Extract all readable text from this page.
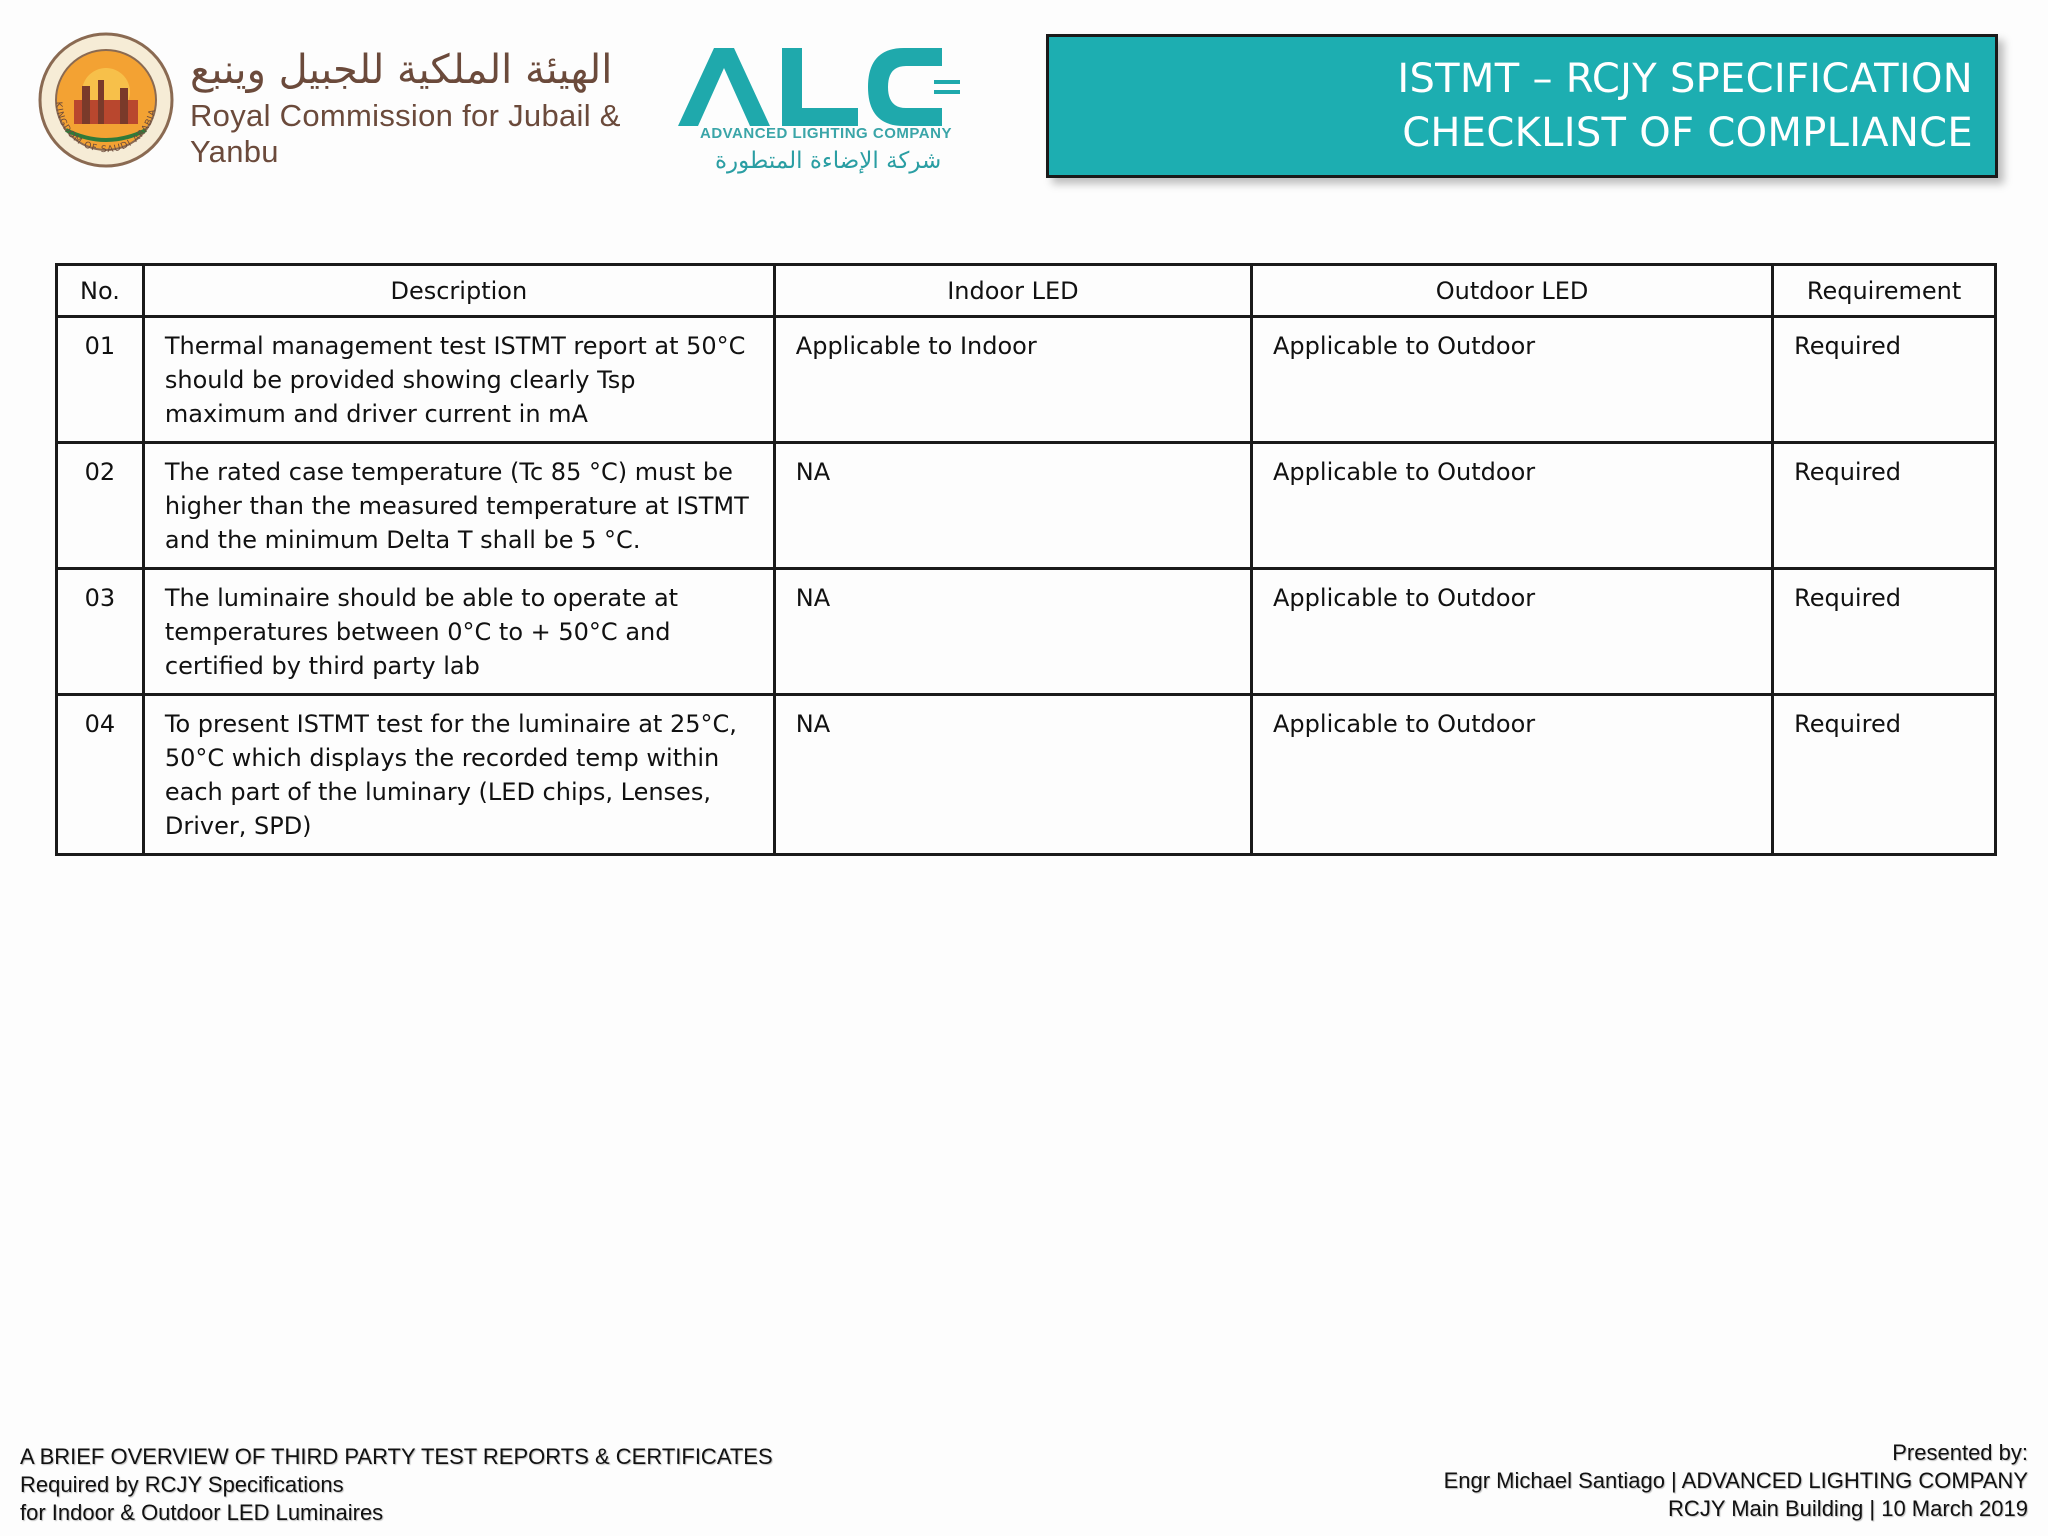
KINGDOM OF SAUDI ARABIA
الهيئة الملكية للجبيل وينبع
Royal Commission for Jubail & Yanbu
ADVANCED LIGHTING COMPANY
شركة الإضاءة المتطورة
ISTMT – RCJY SPECIFICATION
CHECKLIST OF COMPLIANCE
No.	Description	Indoor LED	Outdoor LED	Requirement
01	Thermal management test ISTMT report at 50°C should be provided showing clearly Tsp maximum and driver current in mA	Applicable to Indoor	Applicable to Outdoor	Required
02	The rated case temperature (Tc 85 °C) must be higher than the measured temperature at ISTMT and the minimum Delta T shall be 5 °C.	NA	Applicable to Outdoor	Required
03	The luminaire should be able to operate at temperatures between 0°C to + 50°C and certified by third party lab	NA	Applicable to Outdoor	Required
04	To present ISTMT test for the luminaire at 25°C, 50°C which displays the recorded temp within each part of the luminary (LED chips, Lenses, Driver, SPD)	NA	Applicable to Outdoor	Required
A BRIEF OVERVIEW OF THIRD PARTY TEST REPORTS & CERTIFICATES
Required by RCJY Specifications
for Indoor & Outdoor LED Luminaires
Presented by:
Engr Michael Santiago | ADVANCED LIGHTING COMPANY
RCJY Main Building | 10 March 2019
